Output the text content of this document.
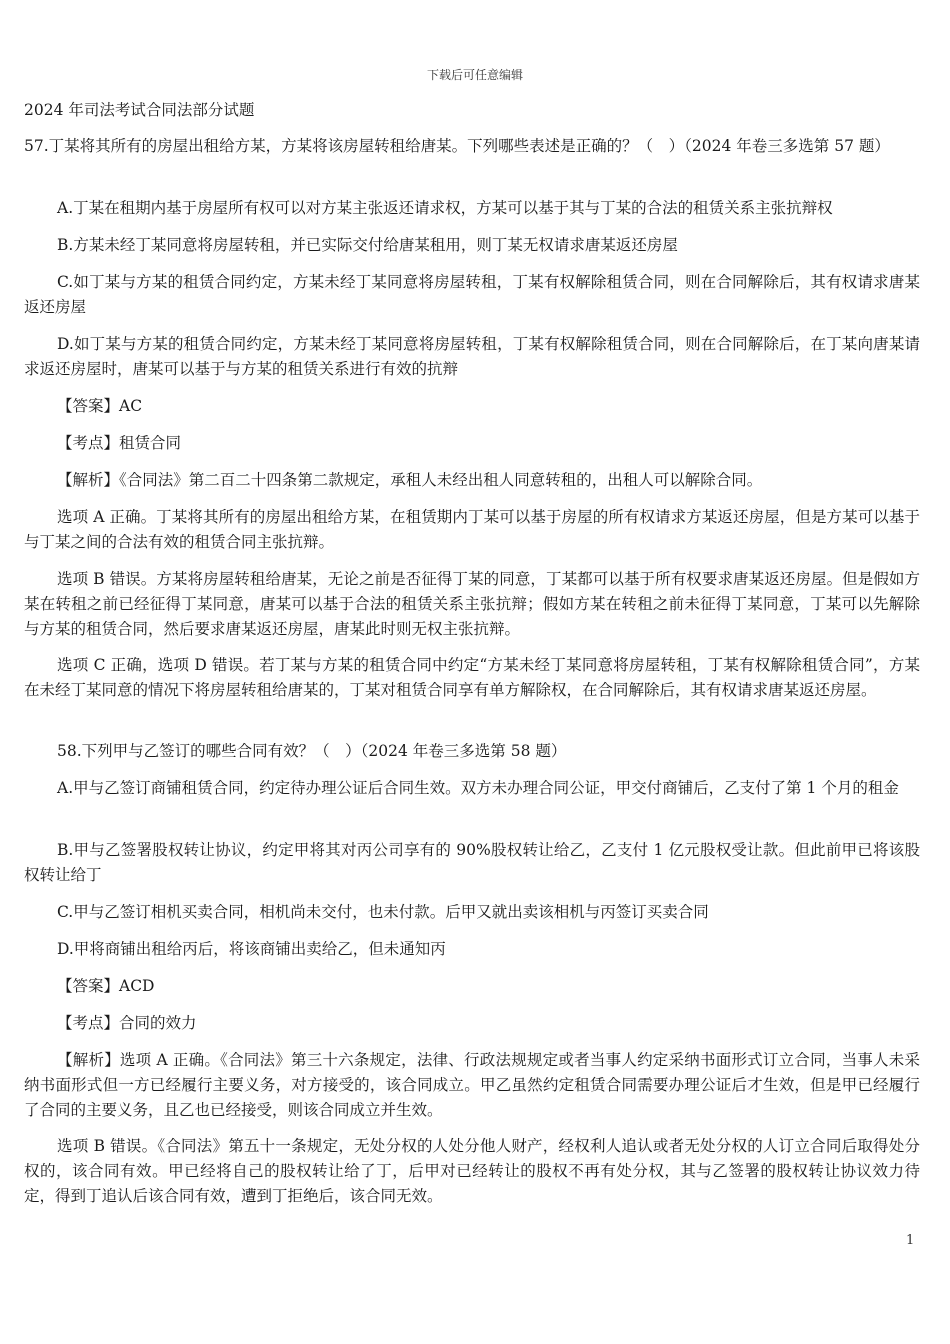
下载后可任意编辑
2024 年司法考试合同法部分试题

57.丁某将其所有的房屋出租给方某，方某将该房屋转租给唐某。下列哪些表述是正确的？（　）（2024 年卷三多选第 57 题）

A.丁某在租期内基于房屋所有权可以对方某主张返还请求权，方某可以基于其与丁某的合法的租赁关系主张抗辩权

B.方某未经丁某同意将房屋转租，并已实际交付给唐某租用，则丁某无权请求唐某返还房屋

C.如丁某与方某的租赁合同约定，方某未经丁某同意将房屋转租，丁某有权解除租赁合同，则在合同解除后，其有权请求唐某返还房屋

D.如丁某与方某的租赁合同约定，方某未经丁某同意将房屋转租，丁某有权解除租赁合同，则在合同解除后，在丁某向唐某请求返还房屋时，唐某可以基于与方某的租赁关系进行有效的抗辩

【答案】AC

【考点】租赁合同

【解析】《合同法》第二百二十四条第二款规定，承租人未经出租人同意转租的，出租人可以解除合同。

选项 A 正确。丁某将其所有的房屋出租给方某，在租赁期内丁某可以基于房屋的所有权请求方某返还房屋，但是方某可以基于与丁某之间的合法有效的租赁合同主张抗辩。

选项 B 错误。方某将房屋转租给唐某，无论之前是否征得丁某的同意，丁某都可以基于所有权要求唐某返还房屋。但是假如方某在转租之前已经征得丁某同意，唐某可以基于合法的租赁关系主张抗辩；假如方某在转租之前未征得丁某同意，丁某可以先解除与方某的租赁合同，然后要求唐某返还房屋，唐某此时则无权主张抗辩。

选项 C 正确，选项 D 错误。若丁某与方某的租赁合同中约定“方某未经丁某同意将房屋转租，丁某有权解除租赁合同”，方某在未经丁某同意的情况下将房屋转租给唐某的，丁某对租赁合同享有单方解除权，在合同解除后，其有权请求唐某返还房屋。

58.下列甲与乙签订的哪些合同有效？（　）（2024 年卷三多选第 58 题）

A.甲与乙签订商铺租赁合同，约定待办理公证后合同生效。双方未办理合同公证，甲交付商铺后，乙支付了第 1 个月的租金

B.甲与乙签署股权转让协议，约定甲将其对丙公司享有的 90%股权转让给乙，乙支付 1 亿元股权受让款。但此前甲已将该股权转让给丁

C.甲与乙签订相机买卖合同，相机尚未交付，也未付款。后甲又就出卖该相机与丙签订买卖合同

D.甲将商铺出租给丙后，将该商铺出卖给乙，但未通知丙

【答案】ACD

【考点】合同的效力

【解析】选项 A 正确。《合同法》第三十六条规定，法律、行政法规规定或者当事人约定采纳书面形式订立合同，当事人未采纳书面形式但一方已经履行主要义务，对方接受的，该合同成立。甲乙虽然约定租赁合同需要办理公证后才生效，但是甲已经履行了合同的主要义务，且乙也已经接受，则该合同成立并生效。

选项 B 错误。《合同法》第五十一条规定，无处分权的人处分他人财产，经权利人追认或者无处分权的人订立合同后取得处分权的，该合同有效。甲已经将自己的股权转让给了丁，后甲对已经转让的股权不再有处分权，其与乙签署的股权转让协议效力待定，得到丁追认后该合同有效，遭到丁拒绝后，该合同无效。

1
